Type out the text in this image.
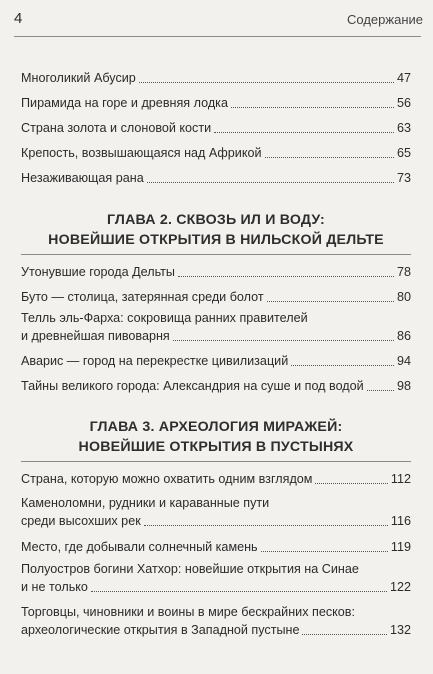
4	Содержание
Многоликий Абусир	47
Пирамида на горе и древняя лодка	56
Страна золота и слоновой кости	63
Крепость, возвышающаяся над Африкой	65
Незаживающая рана	73
ГЛАВА 2. СКВОЗЬ ИЛ И ВОДУ:
НОВЕЙШИЕ ОТКРЫТИЯ В НИЛЬСКОЙ ДЕЛЬТЕ
Утонувшие города Дельты	78
Буто — столица, затерянная среди болот	80
Телль эль-Фарха: сокровища ранних правителей
и древнейшая пивоварня	86
Аварис — город на перекрестке цивилизаций	94
Тайны великого города: Александрия на суше и под водой	98
ГЛАВА 3. АРХЕОЛОГИЯ МИРАЖЕЙ:
НОВЕЙШИЕ ОТКРЫТИЯ В ПУСТЫНЯХ
Страна, которую можно охватить одним взглядом	112
Каменоломни, рудники и караванные пути
среди высохших рек	116
Место, где добывали солнечный камень	119
Полуостров богини Хатхор: новейшие открытия на Синае
и не только	122
Торговцы, чиновники и воины в мире бескрайних песков:
археологические открытия в Западной пустыне	132
